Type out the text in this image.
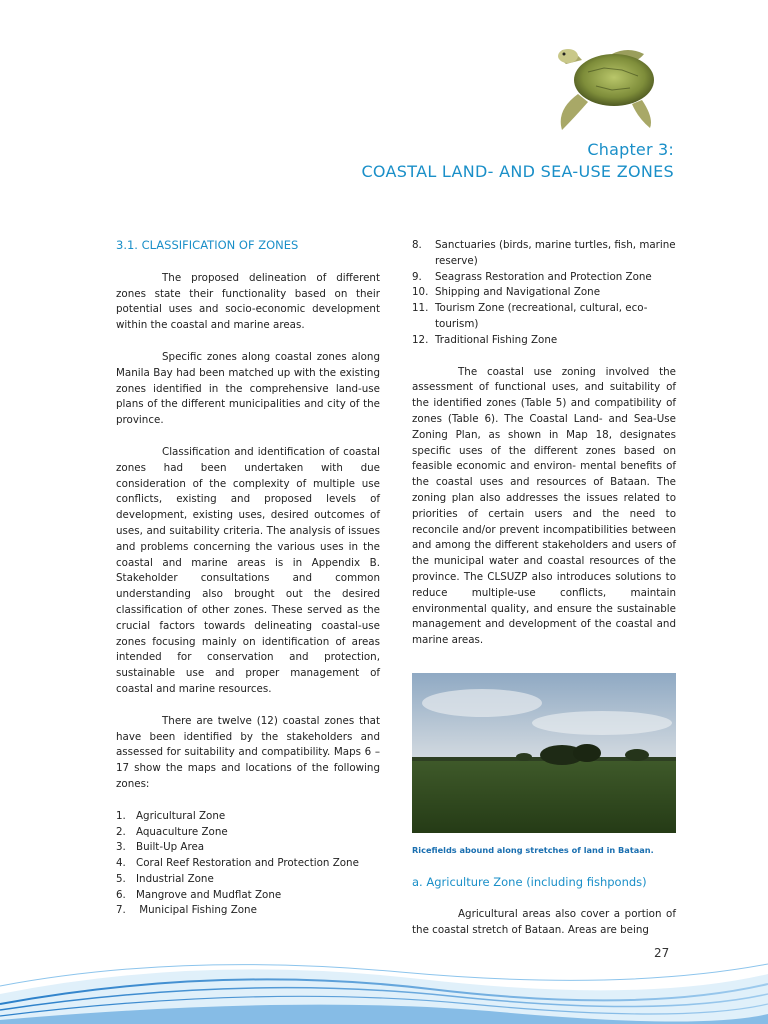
Chapter 3:
COASTAL LAND- AND SEA-USE ZONES
3.1. CLASSIFICATION OF ZONES

The proposed delineation of different zones state their functionality based on their potential uses and socio-economic development within the coastal and marine areas.

Specific zones along coastal zones along Manila Bay had been matched up with the existing zones identified in the comprehensive land-use plans of the different municipalities and city of the province.

Classification and identification of coastal zones had been undertaken with due consideration of the complexity of multiple use conflicts, existing and proposed levels of development, existing uses, desired outcomes of uses, and suitability criteria. The analysis of issues and problems concerning the various uses in the coastal and marine areas is in Appendix B. Stakeholder consultations and common understanding also brought out the desired classification of other zones. These served as the crucial factors towards delineating coastal-use zones focusing mainly on identification of areas intended for conservation and protection, sustainable use and proper management of coastal and marine resources.

There are twelve (12) coastal zones that have been identified by the stakeholders and assessed for suitability and compatibility. Maps 6 – 17 show the maps and locations of the following zones:

1. Agricultural Zone
2. Aquaculture Zone
3. Built-Up Area
4. Coral Reef Restoration and Protection Zone
5. Industrial Zone
6. Mangrove and Mudflat Zone
7. Municipal Fishing Zone
8.	Sanctuaries (birds, marine turtles, fish, marine reserve)
9.	Seagrass Restoration and Protection Zone
10. Shipping and Navigational Zone
11. Tourism Zone (recreational, cultural, eco-tourism)
12. Traditional Fishing Zone

The coastal use zoning involved the assessment of functional uses, and suitability of the identified zones (Table 5) and compatibility of zones (Table 6). The Coastal Land- and Sea-Use Zoning Plan, as shown in Map 18, designates specific uses of the different zones based on feasible economic and environ- mental benefits of the coastal uses and resources of Bataan. The zoning plan also addresses the issues related to priorities of certain users and the need to reconcile and/or prevent incompatibilities between and among the different stakeholders and users of the municipal water and coastal resources of the province. The CLSUZP also introduces solutions to reduce multiple-use conflicts, maintain environmental quality, and ensure the sustainable management and development of the coastal and marine areas.

Ricefields abound along stretches of land in Bataan.
a. Agriculture Zone (including fishponds)

Agricultural areas also cover a portion of the coastal stretch of Bataan. Areas are being

27
